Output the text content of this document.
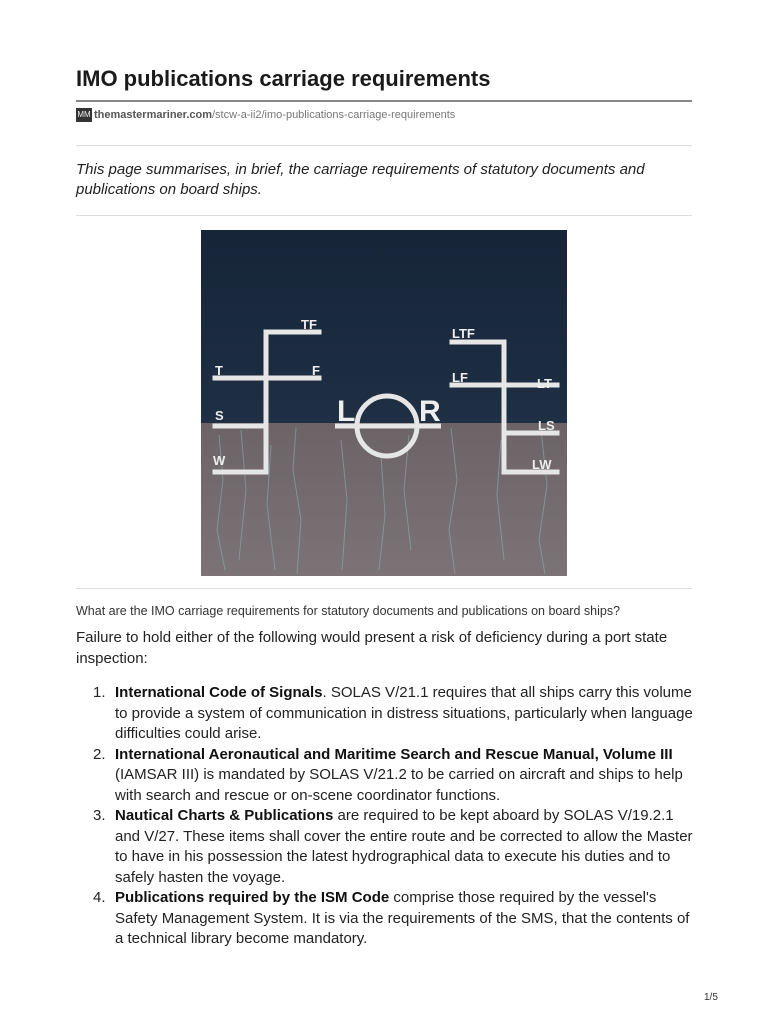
IMO publications carriage requirements
MM themastermariner.com /stcw-a-ii2/imo-publications-carriage-requirements

This page summarises, in brief, the carriage requirements of statutory documents and publications on board ships.

TF
T	F
S
W
L R
LTF
LF	LT
LS
LW

What are the IMO carriage requirements for statutory documents and publications on board ships?

Failure to hold either of the following would present a risk of deficiency during a port state inspection:

1. International Code of Signals. SOLAS V/21.1 requires that all ships carry this volume to provide a system of communication in distress situations, particularly when language difficulties could arise.
2. International Aeronautical and Maritime Search and Rescue Manual, Volume III (IAMSAR III) is mandated by SOLAS V/21.2 to be carried on aircraft and ships to help with search and rescue or on-scene coordinator functions.
3. Nautical Charts & Publications are required to be kept aboard by SOLAS V/19.2.1 and V/27. These items shall cover the entire route and be corrected to allow the Master to have in his possession the latest hydrographical data to execute his duties and to safely hasten the voyage.
4. Publications required by the ISM Code comprise those required by the vessel's Safety Management System. It is via the requirements of the SMS, that the contents of a technical library become mandatory.
1/5
